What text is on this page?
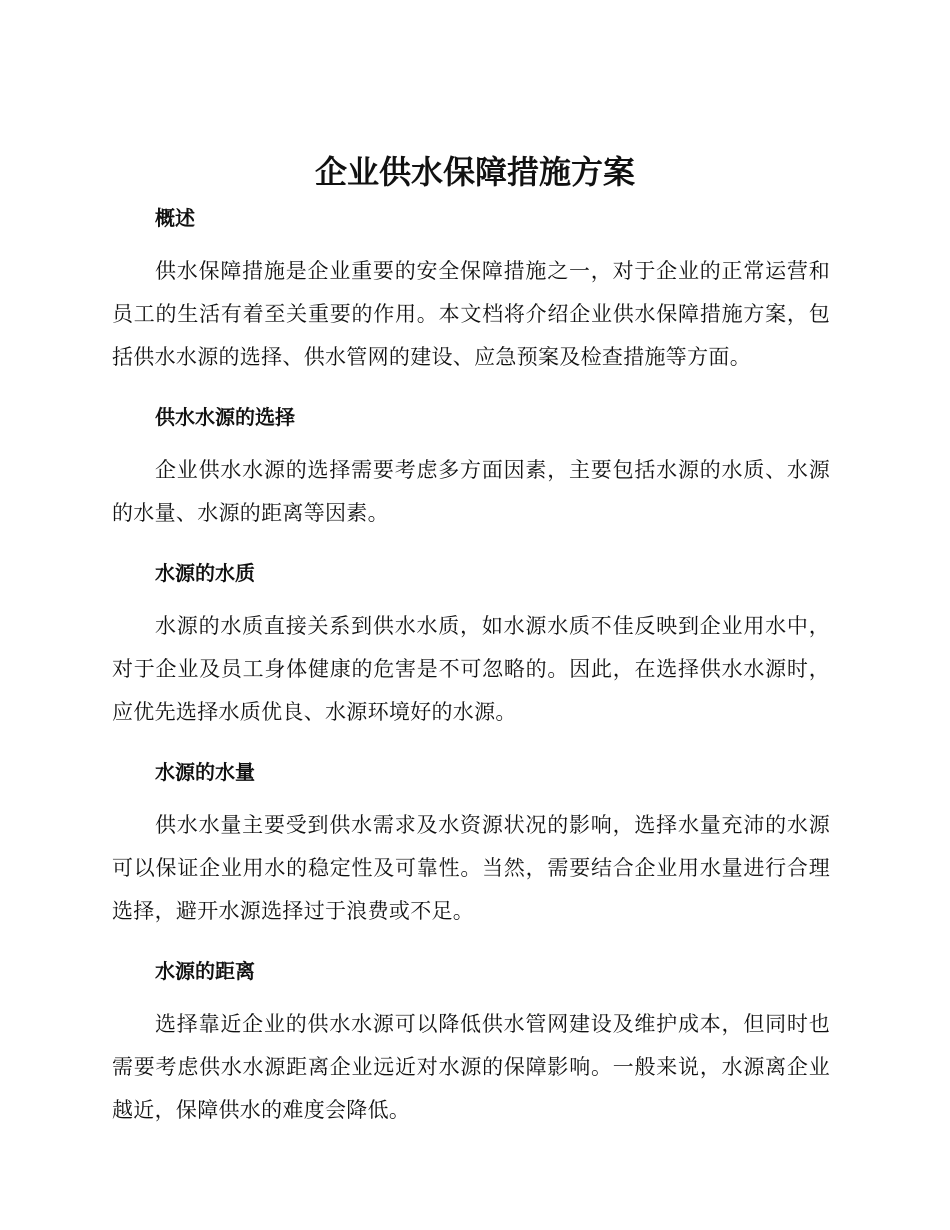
企业供水保障措施方案
概述

供水保障措施是企业重要的安全保障措施之一，对于企业的正常运营和员工的生活有着至关重要的作用。本文档将介绍企业供水保障措施方案，包括供水水源的选择、供水管网的建设、应急预案及检查措施等方面。

供水水源的选择

企业供水水源的选择需要考虑多方面因素，主要包括水源的水质、水源的水量、水源的距离等因素。

水源的水质

水源的水质直接关系到供水水质，如水源水质不佳反映到企业用水中，对于企业及员工身体健康的危害是不可忽略的。因此，在选择供水水源时，应优先选择水质优良、水源环境好的水源。

水源的水量

供水水量主要受到供水需求及水资源状况的影响，选择水量充沛的水源可以保证企业用水的稳定性及可靠性。当然，需要结合企业用水量进行合理选择，避开水源选择过于浪费或不足。

水源的距离

选择靠近企业的供水水源可以降低供水管网建设及维护成本，但同时也需要考虑供水水源距离企业远近对水源的保障影响。一般来说，水源离企业越近，保障供水的难度会降低。
